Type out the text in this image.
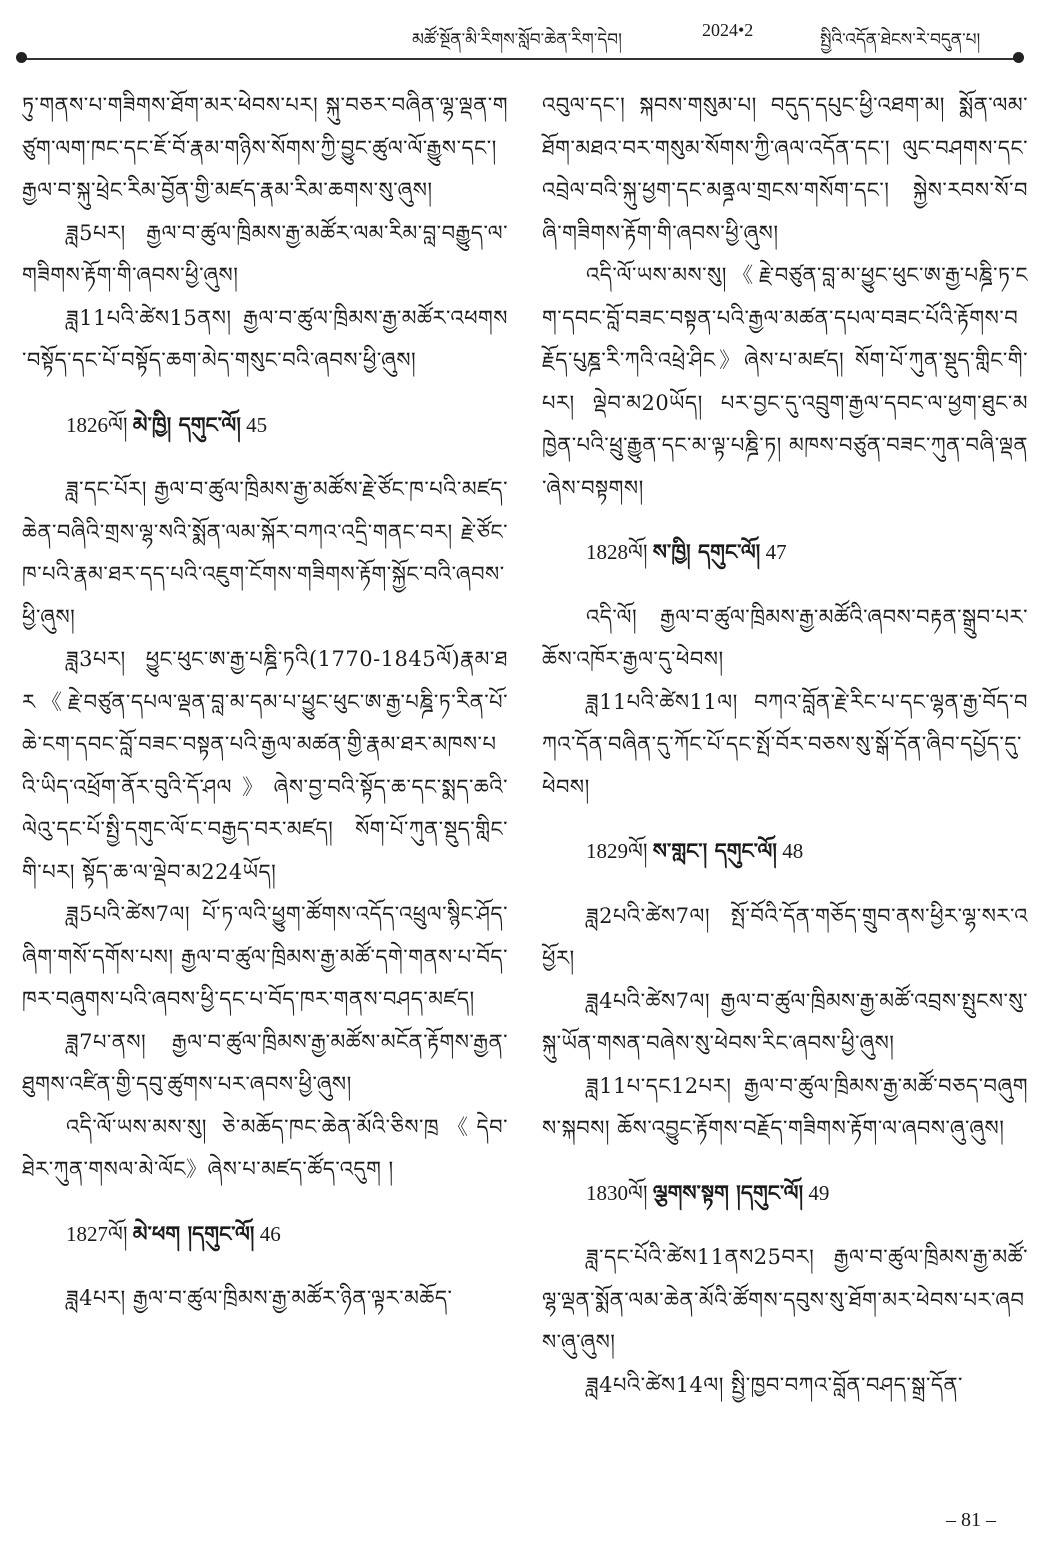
མཚོ་སྔོན་མི་རིགས་སློབ་ཆེན་རིག་དེབ།	2024•2	སྤྱིའི་འདོན་ཐེངས་རེ་བདུན་པ།

ཏུ་གནས་པ་གཟིགས་ཐོག་མར་ཕེབས་པར། སྐུ་བཅར་བཞིན་ལྷ་ལྡན་གཙུག་ལག་ཁང་དང་ཇོ་བོ་རྣམ་གཉིས་སོགས་ཀྱི་བྱུང་ཚུལ་ལོ་རྒྱུས་དང་། རྒྱལ་བ་སྐུ་ཕྲེང་རིམ་བྱོན་གྱི་མཛད་རྣམ་རིམ་ཆགས་སུ་ཞུས།

ཟླ5པར། རྒྱལ་བ་ཚུལ་ཁྲིམས་རྒྱ་མཚོར་ལམ་རིམ་བླ་བརྒྱུད་ལ་གཟིགས་རྟོག་གི་ཞབས་ཕྱི་ཞུས།

ཟླ11པའི་ཚེས15ནས། རྒྱལ་བ་ཚུལ་ཁྲིམས་རྒྱ་མཚོར་འཕགས་བསྟོད་དང་པོ་བསྟོད་ཆག་མེད་གསུང་བའི་ཞབས་ཕྱི་ཞུས།

1826ལོ། མེ་ཁྱི། དགུང་ལོ། 45

ཟླ་དང་པོར། རྒྱལ་བ་ཚུལ་ཁྲིམས་རྒྱ་མཚོས་རྗེ་ཙོང་ཁ་པའི་མཛད་ཆེན་བཞིའི་གྲས་ལྷ་སའི་སྨོན་ལམ་སྐོར་བཀའ་འདྲི་གནང་བར། རྗེ་ཙོང་ཁ་པའི་རྣམ་ཐར་དད་པའི་འཇུག་ངོགས་གཟིགས་རྟོག་སྐྱོང་བའི་ཞབས་ཕྱི་ཞུས།

ཟླ3པར། ཕྱུང་ཕུང་ཨ་རྒྱ་པཎྜི་ཏའི(1770-1845ལོ)རྣམ་ཐར《རྗེ་བཙུན་དཔལ་ལྡན་བླ་མ་དམ་པ་ཕྱུང་ཕུང་ཨ་རྒྱ་པཎྜི་ཏ་རིན་པོ་ཆེ་ངག་དབང་བློ་བཟང་བསྟན་པའི་རྒྱལ་མཚན་གྱི་རྣམ་ཐར་མཁས་པའི་ཡིད་འཕྲོག་ནོར་བུའི་དོ་ཤལ》ཞེས་བྱ་བའི་སྟོད་ཆ་དང་སྨད་ཆའི་ལེའུ་དང་པོ་སྤྱི་དགུང་ལོ་ང་བརྒྱད་བར་མཛད། སོག་པོ་ཀུན་སྡུད་གླིང་གི་པར། སྟོད་ཆ་ལ་ལྡེབ་མ224ཡོད།

ཟླ5པའི་ཚེས7ལ། པོ་ཏ་ལའི་ཕྱུག་ཚོགས་འདོད་འཕྲུལ་སྙིང་ཤོད་ཞིག་གསོ་དགོས་པས། རྒྱལ་བ་ཚུལ་ཁྲིམས་རྒྱ་མཚོ་དགེ་གནས་པ་བོད་ཁར་བཞུགས་པའི་ཞབས་ཕྱི་དང་པ་བོད་ཁར་གནས་བཤད་མཛད།

ཟླ7པ་ནས། རྒྱལ་བ་ཚུལ་ཁྲིམས་རྒྱ་མཚོས་མངོན་རྟོགས་རྒྱན་ཐུགས་འཛིན་གྱི་དབུ་ཚུགས་པར་ཞབས་ཕྱི་ཞུས།

འདི་ལོ་ཡས་མས་སུ། ཅེ་མཆོད་ཁང་ཆེན་མོའི་ཅིས་ཁྲ《དེབ་ཐེར་ཀུན་གསལ་མེ་ལོང》ཞེས་པ་མཛད་ཚོད་འདུག །

1827ལོ། མེ་ཕག །དགུང་ལོ། 46

ཟླ4པར། རྒྱལ་བ་ཚུལ་ཁྲིམས་རྒྱ་མཚོར་ཉིན་ལྟར་མཆོད་

འབུལ་དང་། སྐབས་གསུམ་པ། བདུད་དཔུང་ཕྱི་འཐག་མ། སྨོན་ལམ་ཐོག་མཐའ་བར་གསུམ་སོགས་ཀྱི་ཞལ་འདོན་དང་། ལུང་བཤགས་དང་འབྲེལ་བའི་སྐུ་ཕྱག་དང་མནྜལ་གྲངས་གསོག་དང་། སྐྱེས་རབས་སོ་བཞི་གཟིགས་རྟོག་གི་ཞབས་ཕྱི་ཞུས།

འདི་ལོ་ཡས་མས་སུ།《རྗེ་བཙུན་བླ་མ་ཕྱུང་ཕུང་ཨ་རྒྱ་པཎྜི་ཏ་ངག་དབང་བློ་བཟང་བསྟན་པའི་རྒྱལ་མཚན་དཔལ་བཟང་པོའི་རྟོགས་བརྗོད་པུཎྜ་རི་ཀའི་འཕྲེ་ཤིང》ཞེས་པ་མཛད། སོག་པོ་ཀུན་སྡུད་གླིང་གི་པར། ལྡེབ་མ20ཡོད། པར་བྱང་དུ་འབྲུག་རྒྱལ་དབང་ལ་ཕྱག་ཐུང་མཁྱེན་པའི་ཕྲུ་རྒྱུན་དང་མ་ལྟ་པཎྜི་ཏ། མཁས་བཙུན་བཟང་ཀུན་བཞི་ལྡན་ཞེས་བསྟགས།

1828ལོ། ས་ཁྱི། དགུང་ལོ། 47

འདི་ལོ། རྒྱལ་བ་ཚུལ་ཁྲིམས་རྒྱ་མཚོའི་ཞབས་བརྟན་སྒྲུབ་པར་ཆོས་འཁོར་རྒྱལ་དུ་ཕེབས།

ཟླ11པའི་ཚེས11ལ། བཀའ་བློན་རྗེ་རིང་པ་དང་ལྷན་རྒྱ་བོད་བཀའ་དོན་བཞིན་དུ་ཀོང་པོ་དང་སྤོ་བོར་བཅས་སུ་སྒོ་དོན་ཞིབ་དཔྱོད་དུ་ཕེབས།

1829ལོ། ས་གླང་། དགུང་ལོ། 48

ཟླ2པའི་ཚེས7ལ། སྤོ་བོའི་དོན་གཅོད་གྲུབ་ནས་ཕྱིར་ལྷ་སར་འཕྱོར།

ཟླ4པའི་ཚེས7ལ། རྒྱལ་བ་ཚུལ་ཁྲིམས་རྒྱ་མཚོ་འབྲས་སྤུངས་སུ་སྐུ་ཡོན་གསན་བཞེས་སུ་ཕེབས་རིང་ཞབས་ཕྱི་ཞུས།

ཟླ11པ་དང12པར། རྒྱལ་བ་ཚུལ་ཁྲིམས་རྒྱ་མཚོ་བཅད་བཞུགས་སྐབས། ཆོས་འབྱུང་རྟོགས་བརྗོད་གཟིགས་རྟོག་ལ་ཞབས་ཞུ་ཞུས།

1830ལོ། ལྕགས་སྟག །དགུང་ལོ། 49

ཟླ་དང་པོའི་ཚེས11ནས25བར། རྒྱལ་བ་ཚུལ་ཁྲིམས་རྒྱ་མཚོ་ལྷ་ལྡན་སྨོན་ལམ་ཆེན་མོའི་ཚོགས་དབུས་སུ་ཐོག་མར་ཕེབས་པར་ཞབས་ཞུ་ཞུས།

ཟླ4པའི་ཚེས14ལ། སྤྱི་ཁྱབ་བཀའ་བློན་བཤད་སྒྲ་དོན་

– 81 –
